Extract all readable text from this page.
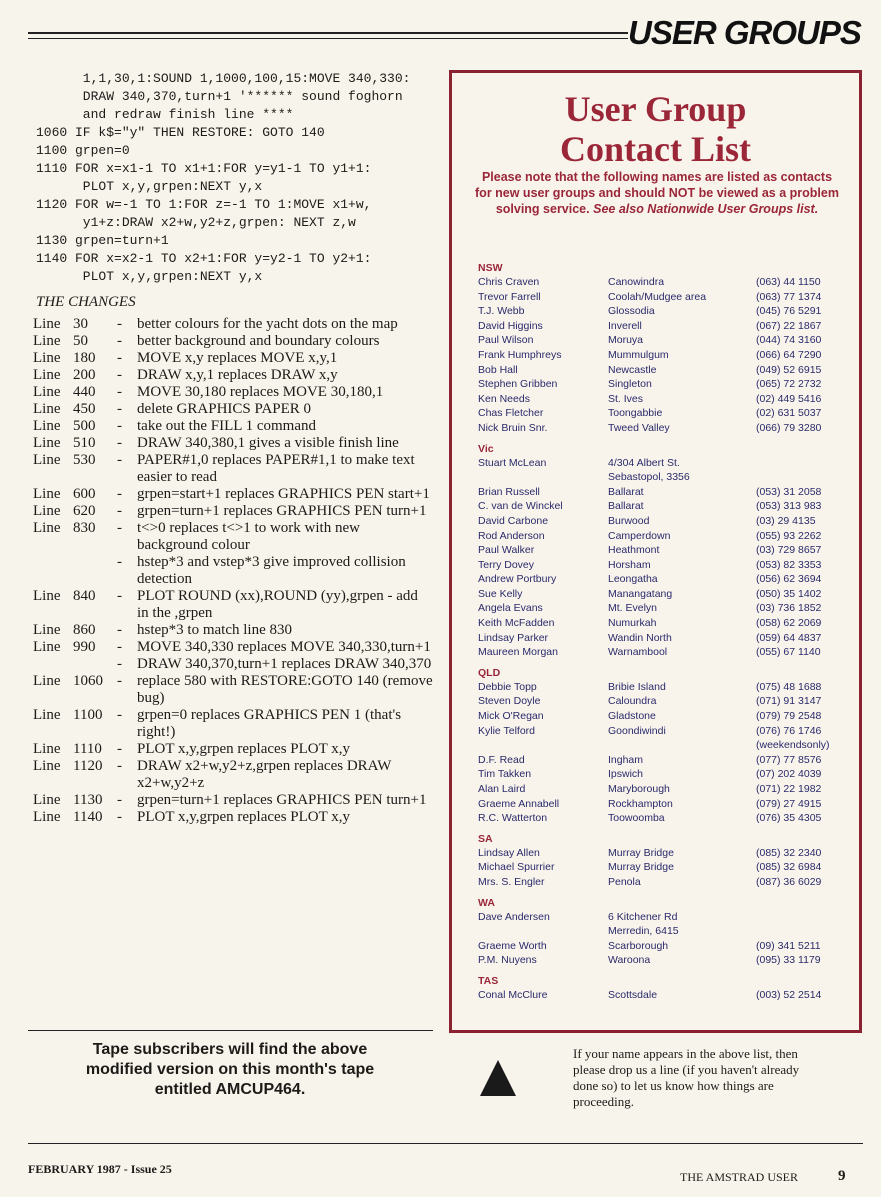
USER GROUPS
1,1,30,1:SOUND 1,1000,100,15:MOVE 340,330:
DRAW 340,370,turn+1 '****** sound foghorn
and redraw finish line ****
1060 IF k$="y" THEN RESTORE: GOTO 140
1100 grpen=0
1110 FOR x=x1-1 TO x1+1:FOR y=y1-1 TO y1+1:
PLOT x,y,grpen:NEXT y,x
1120 FOR w=-1 TO 1:FOR z=-1 TO 1:MOVE x1+w,
y1+z:DRAW x2+w,y2+z,grpen: NEXT z,w
1130 grpen=turn+1
1140 FOR x=x2-1 TO x2+1:FOR y=y2-1 TO y2+1:
PLOT x,y,grpen:NEXT y,x
THE CHANGES
Line 30	-	better colours for the yacht dots on the map
Line 50	-	better background and boundary colours
Line 180	-	MOVE x,y replaces MOVE x,y,1
Line 200	-	DRAW x,y,1 replaces DRAW x,y
Line 440	-	MOVE 30,180 replaces MOVE 30,180,1
Line 450	-	delete GRAPHICS PAPER 0
Line 500	-	take out the FILL 1 command
Line 510	-	DRAW 340,380,1 gives a visible finish line
Line 530	-	PAPER#1,0 replaces PAPER#1,1 to make text easier to read
Line 600	-	grpen=start+1 replaces GRAPHICS PEN start+1
Line 620	-	grpen=turn+1 replaces GRAPHICS PEN turn+1
Line 830	-	t<>0 replaces t<>1 to work with new background colour
-	hstep*3 and vstep*3 give improved collision detection
Line 840	-	PLOT ROUND (xx),ROUND (yy),grpen - add in the ,grpen
Line 860	-	hstep*3 to match line 830
Line 990	-	MOVE 340,330 replaces MOVE 340,330,turn+1
-	DRAW 340,370,turn+1 replaces DRAW 340,370
Line 1060 -	replace 580 with RESTORE:GOTO 140 (remove bug)
Line 1100 -	grpen=0 replaces GRAPHICS PEN 1 (that's right!)
Line 1110	-	PLOT x,y,grpen replaces PLOT x,y
Line 1120 -	DRAW x2+w,y2+z,grpen replaces DRAW x2+w,y2+z
Line 1130 -	grpen=turn+1 replaces GRAPHICS PEN turn+1
Line 1140 -	PLOT x,y,grpen replaces PLOT x,y
Tape subscribers will find the above
modified version on this month's tape
entitled AMCUP464.
User Group
Contact List
Please note that the following names are listed as contacts for new user groups and should NOT be viewed as a problem solving service. See also Nationwide User Groups list.
NSW
Chris Craven	Canowindra	(063) 44 1150
Trevor Farrell	Coolah/Mudgee area	(063) 77 1374
T.J. Webb	Glossodia	(045) 76 5291
David Higgins	Inverell	(067) 22 1867
Paul Wilson	Moruya	(044) 74 3160
Frank Humphreys	Mummulgum	(066) 64 7290
Bob Hall	Newcastle	(049) 52 6915
Stephen Gribben	Singleton	(065) 72 2732
Ken Needs	St. Ives	(02) 449 5416
Chas Fletcher	Toongabbie	(02) 631 5037
Nick Bruin Snr.	Tweed Valley	(066) 79 3280
Vic
Stuart McLean	4/304 Albert St.
Sebastopol, 3356
Brian Russell	Ballarat	(053) 31 2058
C. van de Winckel	Ballarat	(053) 313 983
David Carbone	Burwood	(03) 29 4135
Rod Anderson	Camperdown	(055) 93 2262
Paul Walker	Heathmont	(03) 729 8657
Terry Dovey	Horsham	(053) 82 3353
Andrew Portbury	Leongatha	(056) 62 3694
Sue Kelly	Manangatang	(050) 35 1402
Angela Evans	Mt. Evelyn	(03) 736 1852
Keith McFadden	Numurkah	(058) 62 2069
Lindsay Parker	Wandin North	(059) 64 4837
Maureen Morgan	Warnambool	(055) 67 1140
QLD
Debbie Topp	Bribie Island	(075) 48 1688
Steven Doyle	Caloundra	(071) 91 3147
Mick O'Regan	Gladstone	(079) 79 2548
Kylie Telford	Goondiwindi	(076) 76 1746
(weekendsonly)
D.F. Read	Ingham	(077) 77 8576
Tim Takken	Ipswich	(07) 202 4039
Alan Laird	Maryborough	(071) 22 1982
Graeme Annabell	Rockhampton	(079) 27 4915
R.C. Watterton	Toowoomba	(076) 35 4305
SA
Lindsay Allen	Murray Bridge	(085) 32 2340
Michael Spurrier	Murray Bridge	(085) 32 6984
Mrs. S. Engler	Penola	(087) 36 6029
WA
Dave Andersen	6 Kitchener Rd
Merredin, 6415
Graeme Worth	Scarborough	(09) 341 5211
P.M. Nuyens	Waroona	(095) 33 1179
TAS
Conal McClure	Scottsdale	(003) 52 2514
If your name appears in the above list, then please drop us a line (if you haven't already done so) to let us know how things are proceeding.
FEBRUARY 1987 - Issue 25
THE AMSTRAD USER	9
